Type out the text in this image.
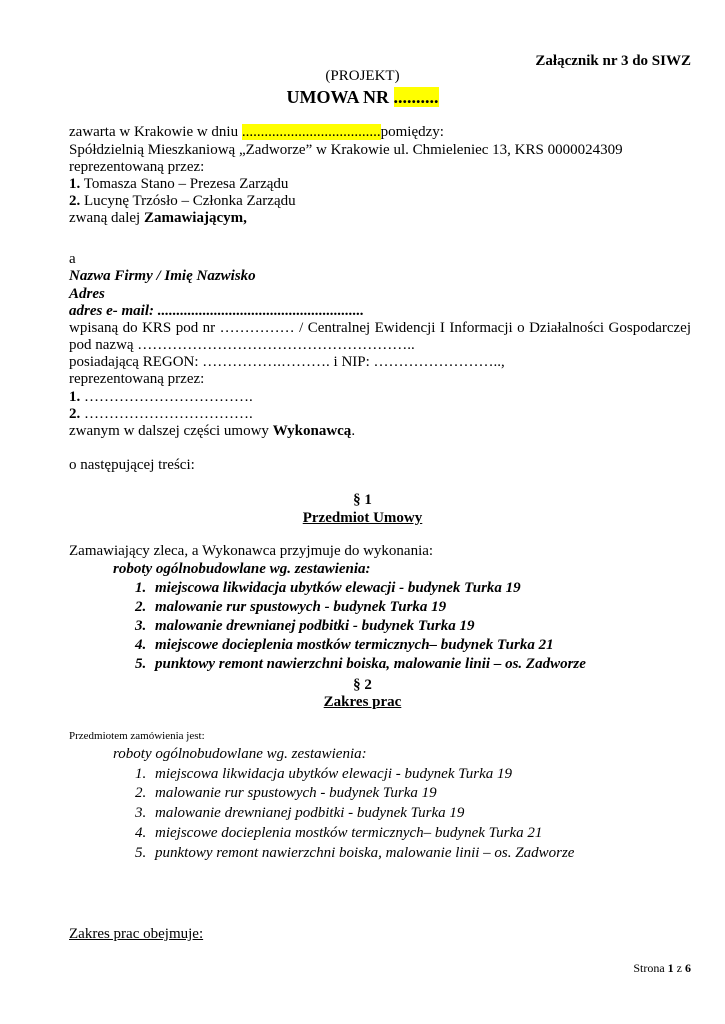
Załącznik nr 3 do SIWZ
(PROJEKT)
UMOWA NR ..........
zawarta w Krakowie w dniu .....................................pomiędzy:
Spółdzielnią Mieszkaniową „Zadworze” w Krakowie ul. Chmieleniec 13, KRS 0000024309
reprezentowaną przez:
1. Tomasza Stano – Prezesa Zarządu
2. Lucynę Trzósło – Członka Zarządu
zwaną dalej Zamawiającym,
a
Nazwa Firmy / Imię Nazwisko
Adres
adres e- mail: .......................................................
wpisaną do KRS pod nr …………… / Centralnej Ewidencji I Informacji o Działalności Gospodarczej
pod nazwą ………………………………………………..
posiadającą REGON: …………….………. i NIP: ……………………..,
reprezentowaną przez:
1. …………………………….
2. …………………………….
zwanym w dalszej części umowy Wykonawcą.
o następującej treści:
§ 1
Przedmiot Umowy
Zamawiający zleca, a Wykonawca przyjmuje do wykonania:
roboty ogólnobudowlane wg. zestawienia:
1. miejscowa likwidacja ubytków elewacji - budynek Turka 19
2. malowanie rur spustowych - budynek Turka 19
3. malowanie drewnianej podbitki - budynek Turka 19
4. miejscowe docieplenia mostków termicznych– budynek Turka 21
5. punktowy remont nawierzchni boiska, malowanie linii – os. Zadworze
§ 2
Zakres prac
Przedmiotem zamówienia jest:
roboty ogólnobudowlane wg. zestawienia:
1. miejscowa likwidacja ubytków elewacji - budynek Turka 19
2. malowanie rur spustowych - budynek Turka 19
3. malowanie drewnianej podbitki - budynek Turka 19
4. miejscowe docieplenia mostków termicznych– budynek Turka 21
5. punktowy remont nawierzchni boiska, malowanie linii – os. Zadworze
Zakres prac obejmuje:
Strona 1 z 6
